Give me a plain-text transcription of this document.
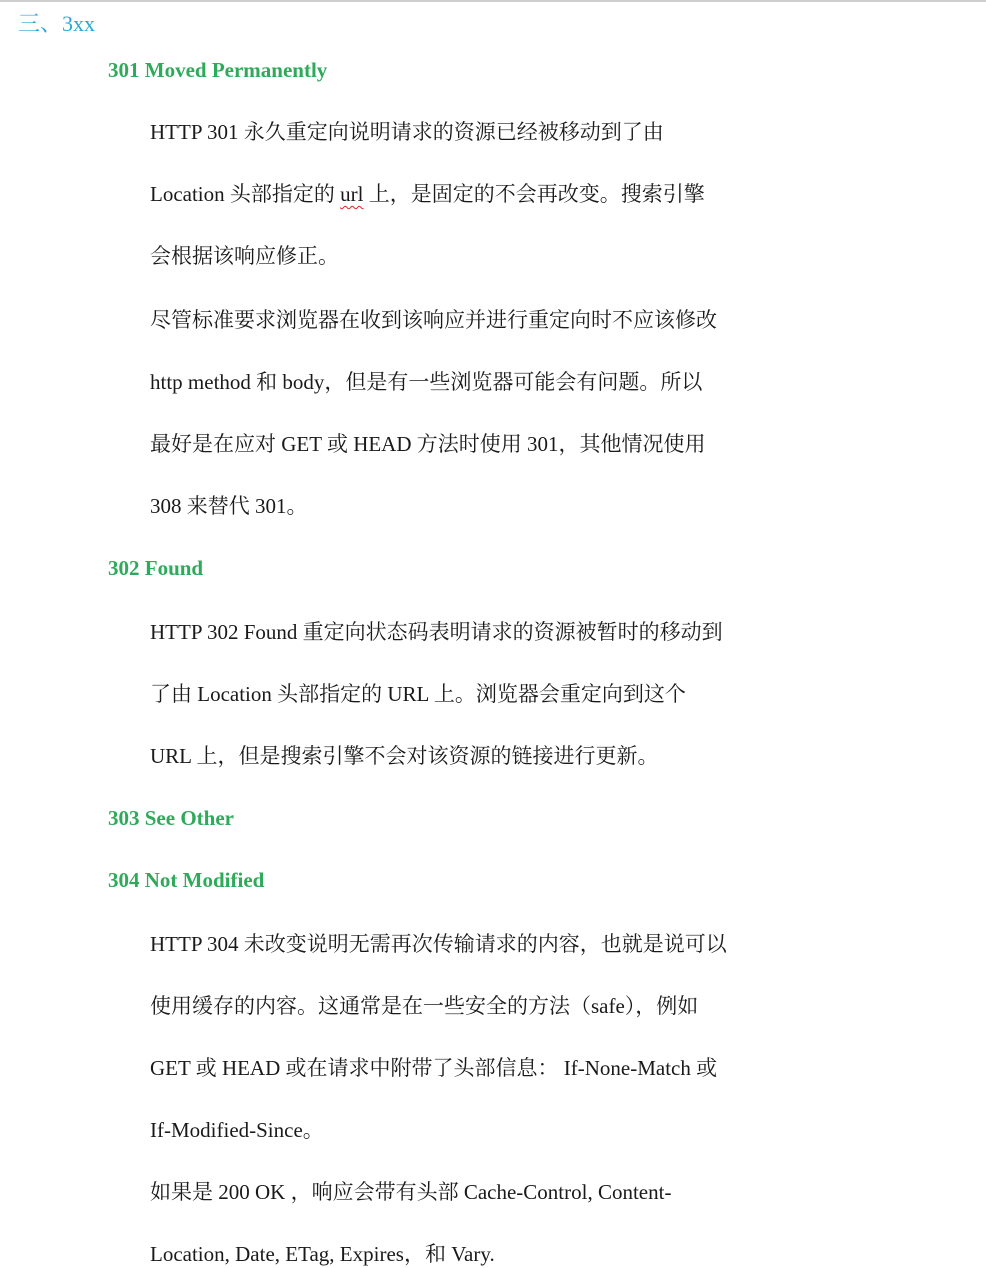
三、3xx
301 Moved Permanently
HTTP 301 永久重定向说明请求的资源已经被移动到了由
Location 头部指定的 url 上，是固定的不会再改变。搜索引擎
会根据该响应修正。
尽管标准要求浏览器在收到该响应并进行重定向时不应该修改
http method 和 body，但是有一些浏览器可能会有问题。所以
最好是在应对 GET 或 HEAD 方法时使用 301，其他情况使用
308 来替代 301。
302 Found
HTTP 302 Found 重定向状态码表明请求的资源被暂时的移动到
了由 Location 头部指定的 URL 上。浏览器会重定向到这个
URL 上，但是搜索引擎不会对该资源的链接进行更新。
303 See Other
304 Not Modified
HTTP 304 未改变说明无需再次传输请求的内容，也就是说可以
使用缓存的内容。这通常是在一些安全的方法（safe），例如
GET 或 HEAD 或在请求中附带了头部信息： If-None-Match 或
If-Modified-Since。
如果是 200 OK ，响应会带有头部 Cache-Control, Content-
Location, Date, ETag, Expires，和 Vary.
